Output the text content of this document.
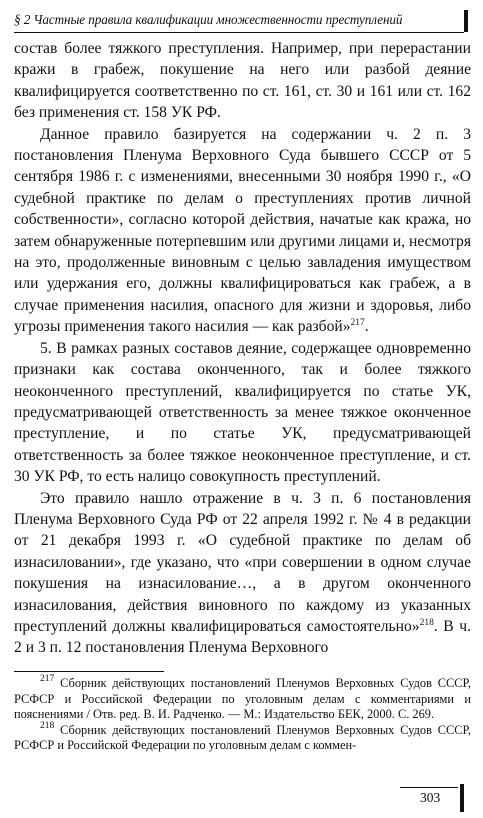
§ 2 Частные правила квалификации множественности преступлений

состав более тяжкого преступления. Например, при перерастании кражи в грабеж, покушение на него или разбой деяние квалифицируется соответственно по ст. 161, ст. 30 и 161 или ст. 162 без применения ст. 158 УК РФ.

Данное правило базируется на содержании ч. 2 п. 3 постановления Пленума Верховного Суда бывшего СССР от 5 сентября 1986 г. с изменениями, внесенными 30 ноября 1990 г., «О судебной практике по делам о преступлениях против личной собственности», согласно которой действия, начатые как кража, но затем обнаруженные потерпевшим или другими лицами и, несмотря на это, продолженные виновным с целью завладения имуществом или удержания его, должны квалифицироваться как грабеж, а в случае применения насилия, опасного для жизни и здоровья, либо угрозы применения такого насилия — как разбой»$^{217}$.

5. В рамках разных составов деяние, содержащее одновременно признаки как состава оконченного, так и более тяжкого неоконченного преступлений, квалифицируется по статье УК, предусматривающей ответственность за менее тяжкое оконченное преступление, и по статье УК, предусматривающей ответственность за более тяжкое неоконченное преступление, и ст. 30 УК РФ, то есть налицо совокупность преступлений.

Это правило нашло отражение в ч. 3 п. 6 постановления Пленума Верховного Суда РФ от 22 апреля 1992 г. № 4 в редакции от 21 декабря 1993 г. «О судебной практике по делам об изнасиловании», где указано, что «при совершении в одном случае покушения на изнасилование…, а в другом оконченного изнасилования, действия виновного по каждому из указанных преступлений должны квалифицироваться самостоятельно»$^{218}$. В ч. 2 и 3 п. 12 постановления Пленума Верховного

$^{217}$ Сборник действующих постановлений Пленумов Верховных Судов СССР, РСФСР и Российской Федерации по уголовным делам с комментариями и пояснениями / Отв. ред. В. И. Радченко. — М.: Издательство БЕК, 2000. С. 269.

$^{218}$ Сборник действующих постановлений Пленумов Верховных Судов СССР, РСФСР и Российской Федерации по уголовным делам с коммен-

303
